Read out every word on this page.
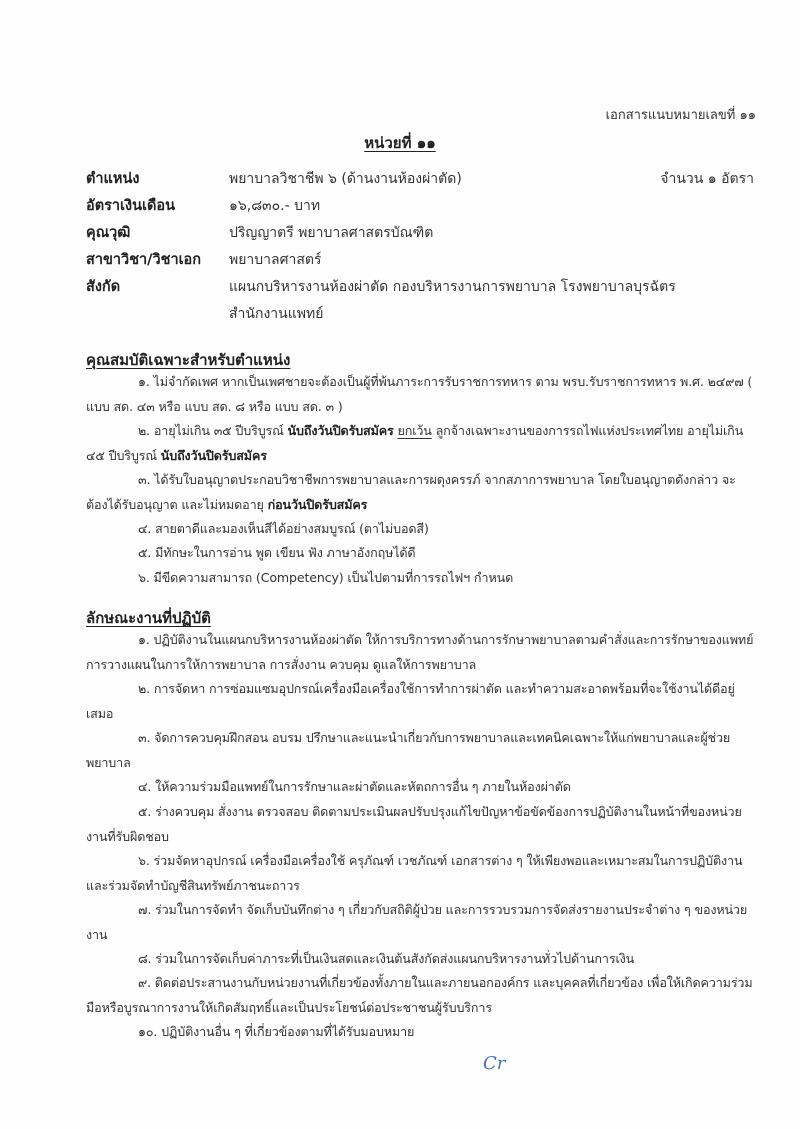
เอกสารแนบหมายเลขที่ ๑๑
หน่วยที่ ๑๑
ตำแหน่ง	พยาบาลวิชาชีพ ๖ (ด้านงานห้องผ่าตัด)	จำนวน ๑ อัตรา
อัตราเงินเดือน	๑๖,๘๓๐.- บาท
คุณวุฒิ	ปริญญาตรี พยาบาลศาสตรบัณฑิต
สาขาวิชา/วิชาเอก	พยาบาลศาสตร์
สังกัด	แผนกบริหารงานห้องผ่าตัด กองบริหารงานการพยาบาล โรงพยาบาลบุรฉัตร
สำนักงานแพทย์
คุณสมบัติเฉพาะสำหรับตำแหน่ง
๑. ไม่จำกัดเพศ หากเป็นเพศชายจะต้องเป็นผู้ที่พ้นภาระการรับราชการทหาร ตาม พรบ.รับราชการทหาร พ.ศ. ๒๔๙๗ ( แบบ สด. ๔๓ หรือ แบบ สด. ๘ หรือ แบบ สด. ๓ )
๒. อายุไม่เกิน ๓๕ ปีบริบูรณ์ นับถึงวันปิดรับสมัคร ยกเว้น ลูกจ้างเฉพาะงานของการรถไฟแห่งประเทศไทย อายุไม่เกิน ๔๕ ปีบริบูรณ์ นับถึงวันปิดรับสมัคร
๓. ได้รับใบอนุญาตประกอบวิชาชีพการพยาบาลและการผดุงครรภ์ จากสภาการพยาบาล โดยใบอนุญาตดังกล่าว จะต้องได้รับอนุญาต และไม่หมดอายุ ก่อนวันปิดรับสมัคร
๔. สายตาดีและมองเห็นสีได้อย่างสมบูรณ์ (ตาไม่บอดสี)
๕. มีทักษะในการอ่าน พูด เขียน ฟัง ภาษาอังกฤษได้ดี
๖. มีขีดความสามารถ (Competency) เป็นไปตามที่การรถไฟฯ กำหนด
ลักษณะงานที่ปฏิบัติ
๑. ปฏิบัติงานในแผนกบริหารงานห้องผ่าตัด ให้การบริการทางด้านการรักษาพยาบาลตามคำสั่งและการรักษาของแพทย์ การวางแผนในการให้การพยาบาล การสั่งงาน ควบคุม ดูแลให้การพยาบาล
๒. การจัดหา การซ่อมแซมอุปกรณ์เครื่องมือเครื่องใช้การทำการผ่าตัด และทำความสะอาดพร้อมที่จะใช้งานได้ดีอยู่เสมอ
๓. จัดการควบคุมฝึกสอน อบรม ปรึกษาและแนะนำเกี่ยวกับการพยาบาลและเทคนิคเฉพาะให้แก่พยาบาลและผู้ช่วยพยาบาล
๔. ให้ความร่วมมือแพทย์ในการรักษาและผ่าตัดและหัตถการอื่น ๆ ภายในห้องผ่าตัด
๕. ร่างควบคุม สั่งงาน ตรวจสอบ ติดตามประเมินผลปรับปรุงแก้ไขปัญหาข้อขัดข้องการปฏิบัติงานในหน้าที่ของหน่วยงานที่รับผิดชอบ
๖. ร่วมจัดหาอุปกรณ์ เครื่องมือเครื่องใช้ ครุภัณฑ์ เวชภัณฑ์ เอกสารต่าง ๆ ให้เพียงพอและเหมาะสมในการปฏิบัติงานและร่วมจัดทำบัญชีสินทรัพย์ภาชนะถาวร
๗. ร่วมในการจัดทำ จัดเก็บบันทึกต่าง ๆ เกี่ยวกับสถิติผู้ป่วย และการรวบรวมการจัดส่งรายงานประจำต่าง ๆ ของหน่วยงาน
๘. ร่วมในการจัดเก็บค่าภาระที่เป็นเงินสดและเงินต้นสังกัดส่งแผนกบริหารงานทั่วไปด้านการเงิน
๙. ติดต่อประสานงานกับหน่วยงานที่เกี่ยวข้องทั้งภายในและภายนอกองค์กร และบุคคลที่เกี่ยวข้อง เพื่อให้เกิดความร่วมมือหรือบูรณาการงานให้เกิดสัมฤทธิ์และเป็นประโยชน์ต่อประชาชนผู้รับบริการ
๑๐. ปฏิบัติงานอื่น ๆ ที่เกี่ยวข้องตามที่ได้รับมอบหมาย
Cr
